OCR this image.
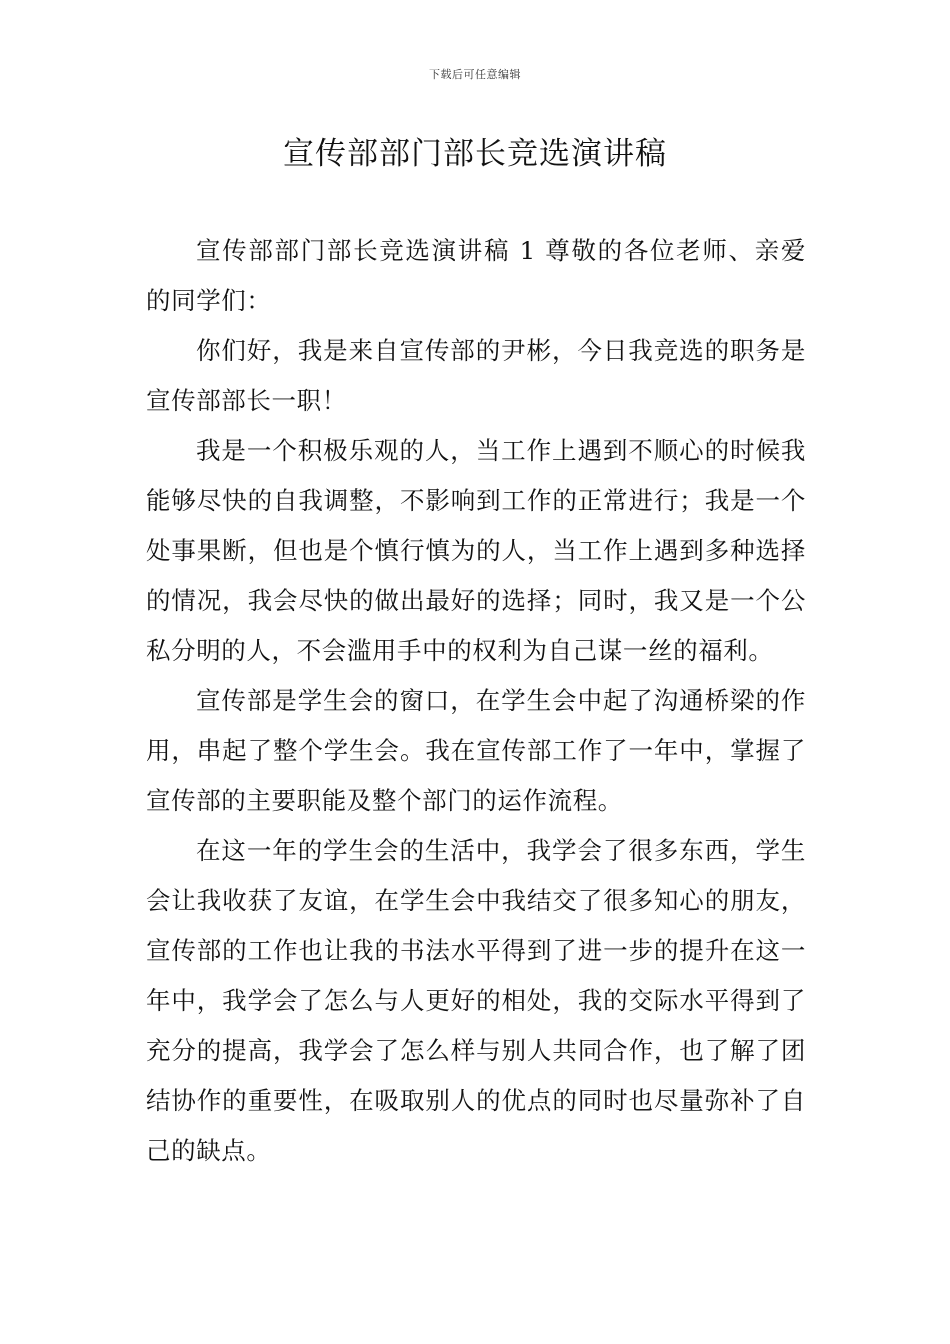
下载后可任意编辑
宣传部部门部长竞选演讲稿

宣传部部门部长竞选演讲稿 1 尊敬的各位老师、亲爱的同学们：

你们好，我是来自宣传部的尹彬，今日我竞选的职务是宣传部部长一职！

我是一个积极乐观的人，当工作上遇到不顺心的时候我能够尽快的自我调整，不影响到工作的正常进行；我是一个处事果断，但也是个慎行慎为的人，当工作上遇到多种选择的情况，我会尽快的做出最好的选择；同时，我又是一个公私分明的人，不会滥用手中的权利为自己谋一丝的福利。

宣传部是学生会的窗口，在学生会中起了沟通桥梁的作用，串起了整个学生会。我在宣传部工作了一年中，掌握了宣传部的主要职能及整个部门的运作流程。

在这一年的学生会的生活中，我学会了很多东西，学生会让我收获了友谊，在学生会中我结交了很多知心的朋友，宣传部的工作也让我的书法水平得到了进一步的提升在这一年中，我学会了怎么与人更好的相处，我的交际水平得到了充分的提高，我学会了怎么样与别人共同合作，也了解了团结协作的重要性，在吸取别人的优点的同时也尽量弥补了自己的缺点。
